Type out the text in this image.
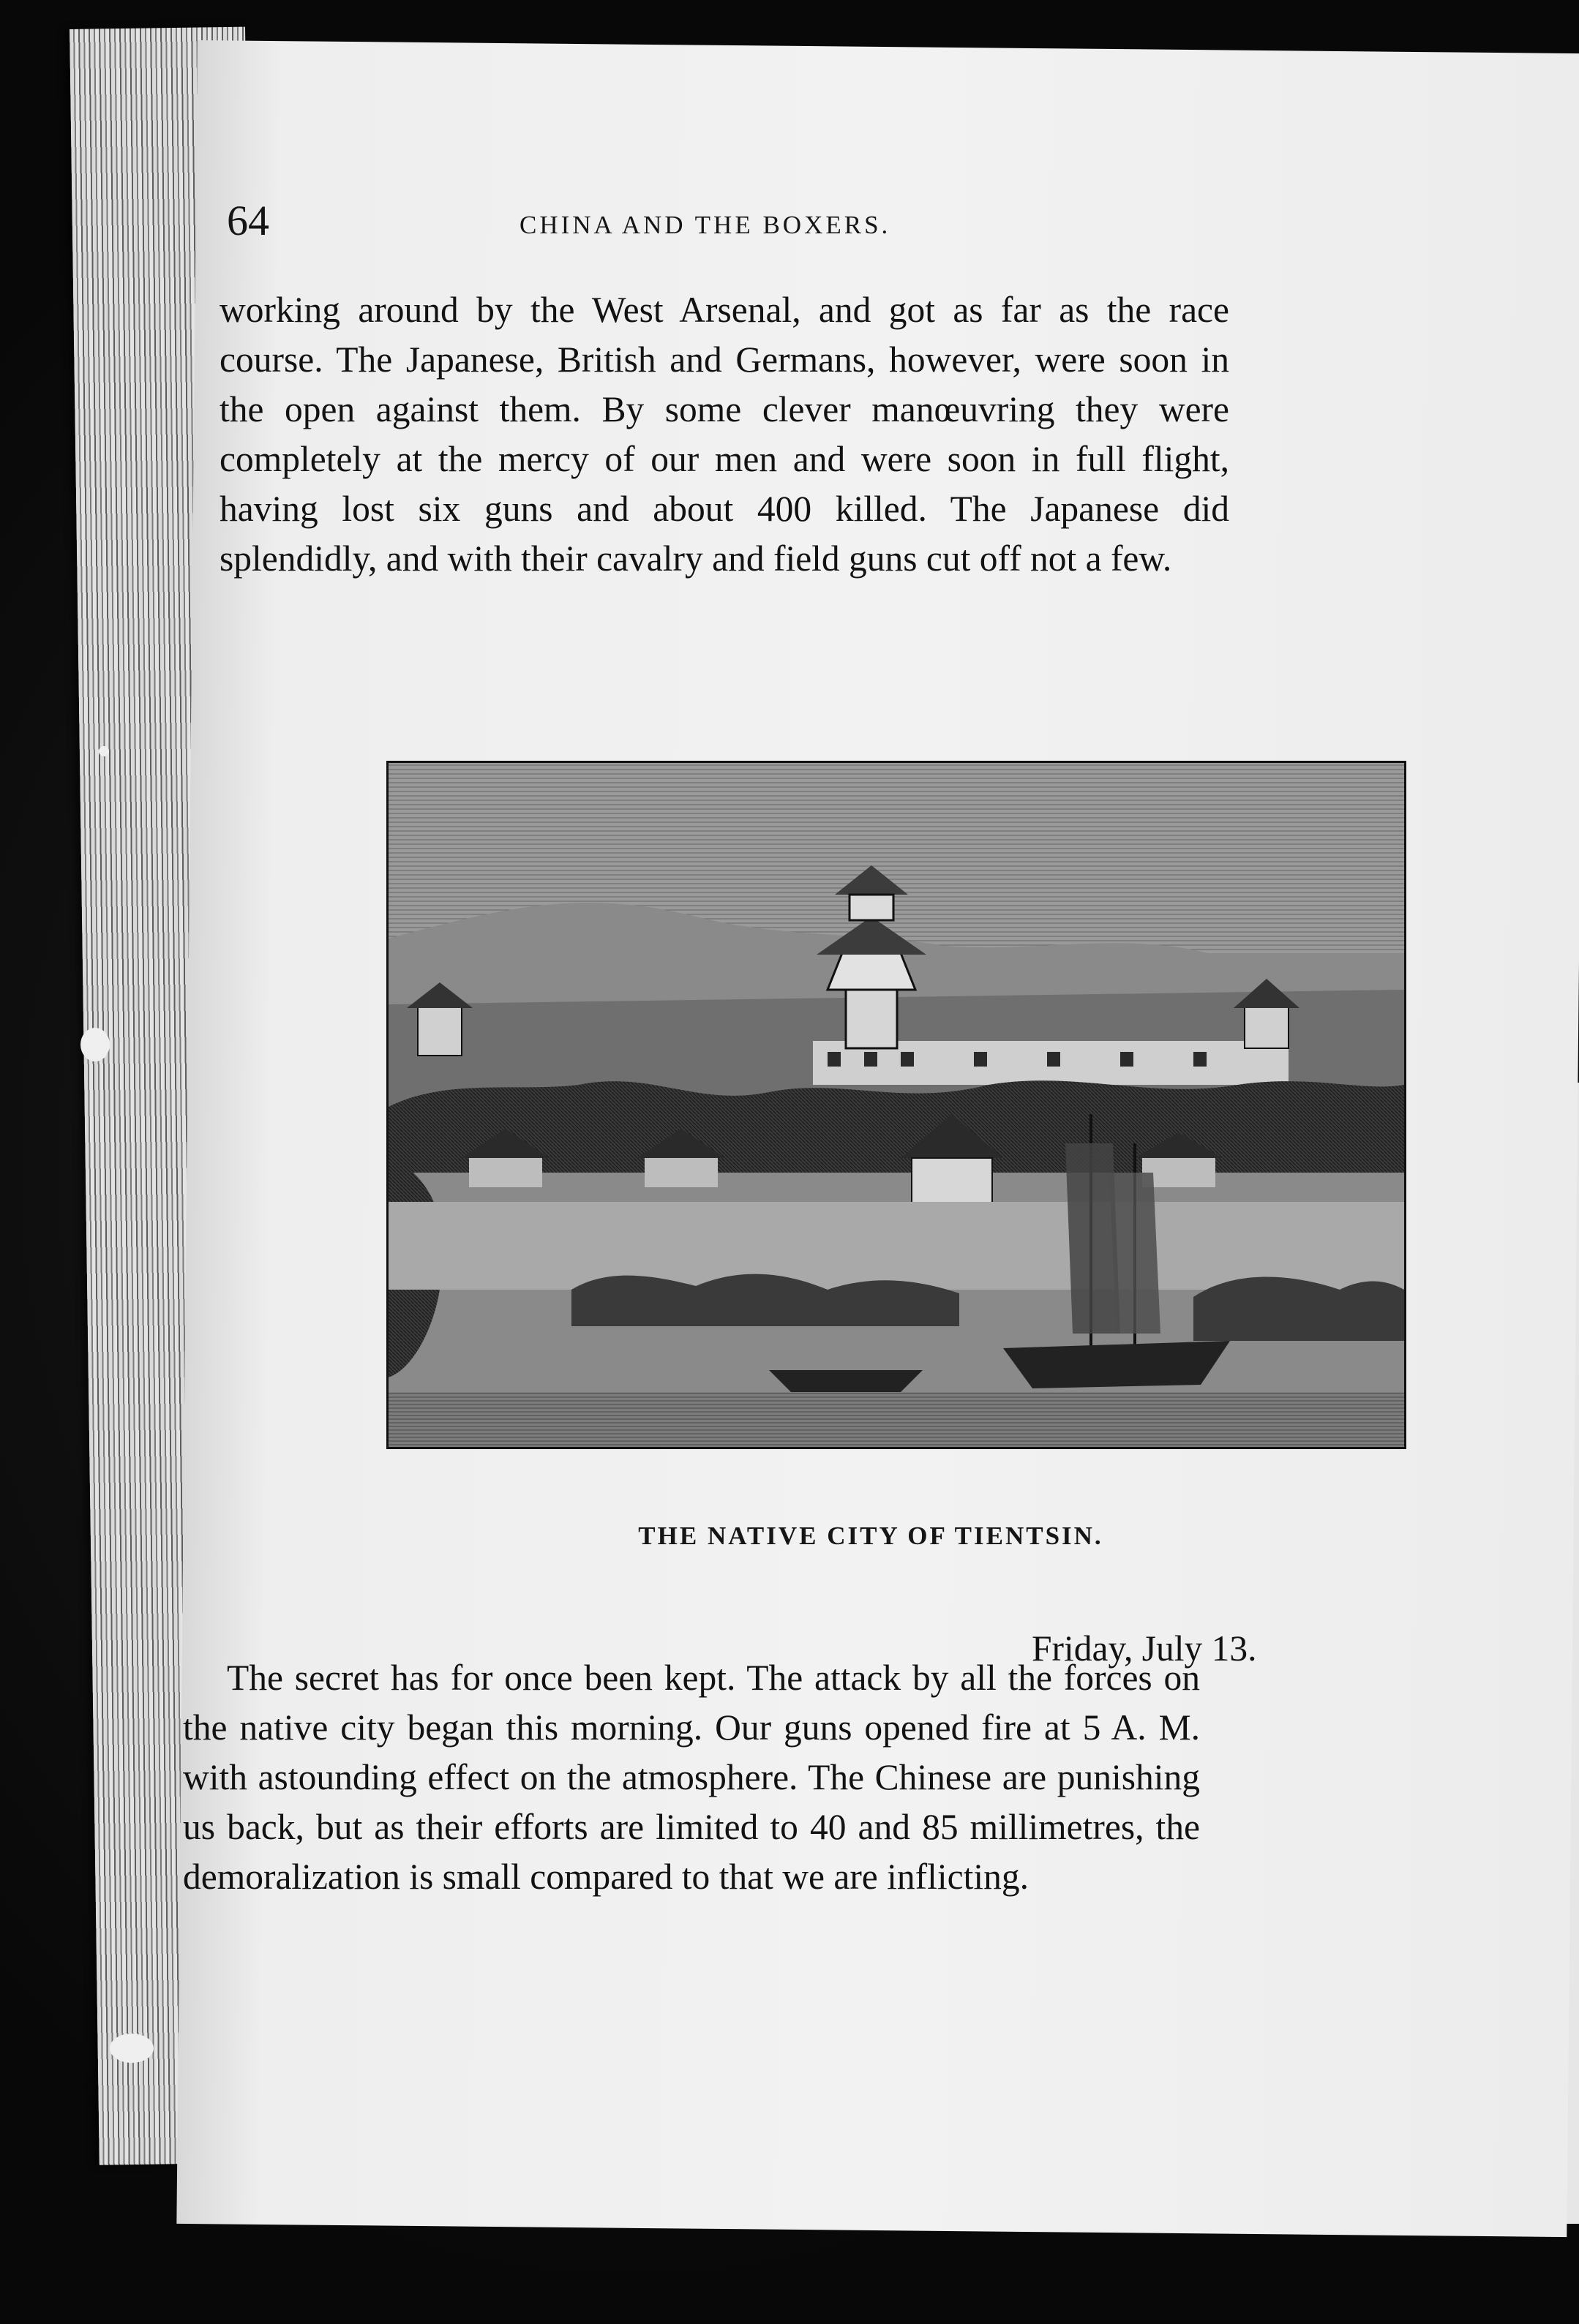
64	CHINA AND THE BOXERS.

working around by the West Arsenal, and got as far as the race course. The Japanese, British and Germans, however, were soon in the open against them. By some clever manœuvring they were completely at the mercy of our men and were soon in full flight, having lost six guns and about 400 killed. The Japanese did splendidly, and with their cavalry and field guns cut off not a few.

THE NATIVE CITY OF TIENTSIN.
Friday, July 13.

The secret has for once been kept. The attack by all the forces on the native city began this morning. Our guns opened fire at 5 A. M. with astounding effect on the atmosphere. The Chinese are punishing us back, but as their efforts are limited to 40 and 85 millimetres, the demoralization is small compared to that we are inflicting.
